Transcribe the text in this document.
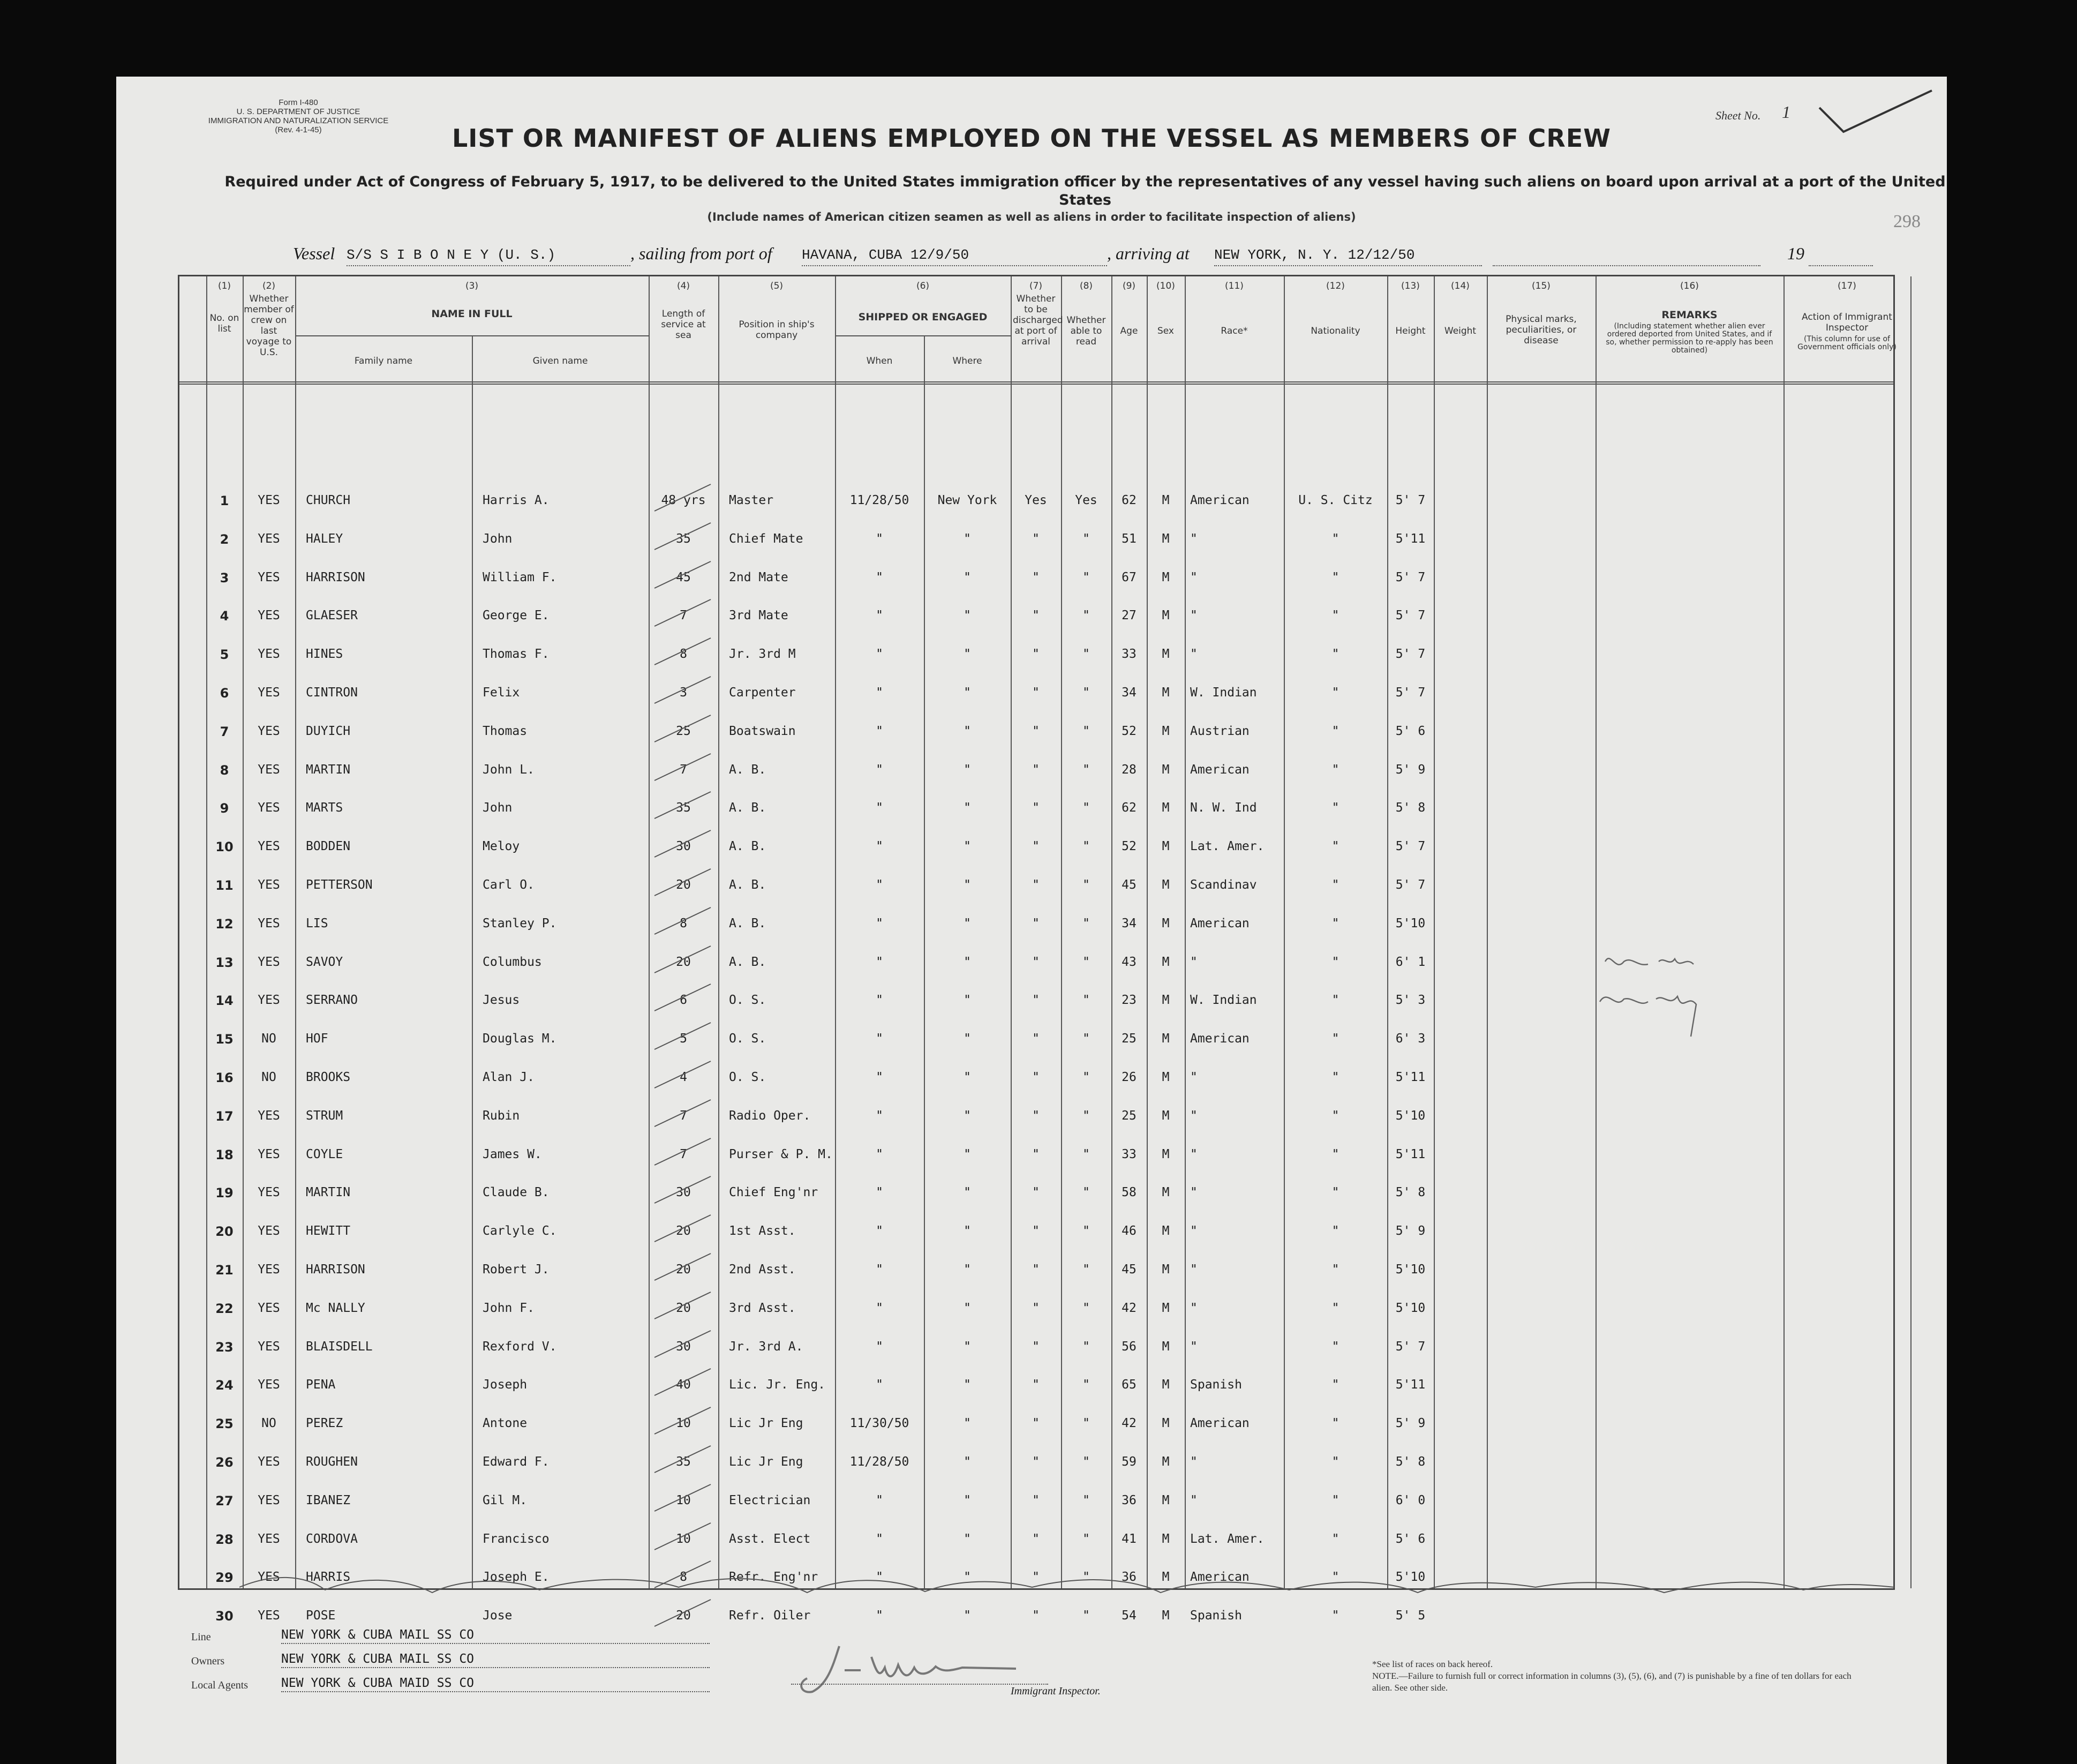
Form I-480
U. S. DEPARTMENT OF JUSTICE
IMMIGRATION AND NATURALIZATION SERVICE
(Rev. 4-1-45)
Sheet No. 1
LIST OR MANIFEST OF ALIENS EMPLOYED ON THE VESSEL AS MEMBERS OF CREW
Required under Act of Congress of February 5, 1917, to be delivered to the United States immigration officer by the representatives of any vessel having such aliens on board upon arrival at a port of the United States
(Include names of American citizen seamen as well as aliens in order to facilitate inspection of aliens)	298
Vessel S/S S I B O N E Y (U. S.)	, sailing from port of HAVANA, CUBA 12/9/50	, arriving at NEW YORK, N. Y. 12/12/50	19
(1)
No. on list
(2)
Whether member of crew on last voyage to U.S.
(3)
NAME IN FULL
Family name	Given name
(4)
Length of service at sea
(5)
Position in ship's company
(6)
SHIPPED OR ENGAGED
When	Where
(7)
Whether to be discharged at port of arrival
(8)
Whether able to read
(9)
Age
(10)
Sex
(11)
Race*
(12)
Nationality
(13)
Height
(14)
Weight
(15)
Physical marks, peculiarities, or disease
(16)
REMARKS
(Including statement whether alien ever ordered deported from United States, and if so, whether permission to re-apply has been obtained)
(17)
Action of Immigrant Inspector
(This column for use of Government officials only)
1	YES	CHURCH	Harris A.	48 yrs	Master	11/28/50	New York	Yes	Yes	62	M	American	U. S. Citz	5' 7
2	YES	HALEY	John	35	Chief Mate	"	"	"	"	51	M	"	"	5'11
3	YES	HARRISON	William F.	45	2nd Mate	"	"	"	"	67	M	"	"	5' 7
4	YES	GLAESER	George E.	7	3rd Mate	"	"	"	"	27	M	"	"	5' 7
5	YES	HINES	Thomas F.	8	Jr. 3rd M	"	"	"	"	33	M	"	"	5' 7
6	YES	CINTRON	Felix	3	Carpenter	"	"	"	"	34	M	W. Indian	"	5' 7
7	YES	DUYICH	Thomas	25	Boatswain	"	"	"	"	52	M	Austrian	"	5' 6
8	YES	MARTIN	John L.	7	A. B.	"	"	"	"	28	M	American	"	5' 9
9	YES	MARTS	John	35	A. B.	"	"	"	"	62	M	N. W. Ind	"	5' 8
10	YES	BODDEN	Meloy	30	A. B.	"	"	"	"	52	M	Lat. Amer.	"	5' 7
11	YES	PETTERSON	Carl O.	20	A. B.	"	"	"	"	45	M	Scandinav	"	5' 7
12	YES	LIS	Stanley P.	8	A. B.	"	"	"	"	34	M	American	"	5'10
13	YES	SAVOY	Columbus	20	A. B.	"	"	"	"	43	M	"	"	6' 1
14	YES	SERRANO	Jesus	6	O. S.	"	"	"	"	23	M	W. Indian	"	5' 3
15	NO	HOF	Douglas M.	5	O. S.	"	"	"	"	25	M	American	"	6' 3
16	NO	BROOKS	Alan J.	4	O. S.	"	"	"	"	26	M	"	"	5'11
17	YES	STRUM	Rubin	7	Radio Oper.	"	"	"	"	25	M	"	"	5'10
18	YES	COYLE	James W.	7	Purser & P. M.	"	"	"	"	33	M	"	"	5'11
19	YES	MARTIN	Claude B.	30	Chief Eng'nr	"	"	"	"	58	M	"	"	5' 8
20	YES	HEWITT	Carlyle C.	20	1st Asst.	"	"	"	"	46	M	"	"	5' 9
21	YES	HARRISON	Robert J.	20	2nd Asst.	"	"	"	"	45	M	"	"	5'10
22	YES	Mc NALLY	John F.	20	3rd Asst.	"	"	"	"	42	M	"	"	5'10
23	YES	BLAISDELL	Rexford V.	30	Jr. 3rd A.	"	"	"	"	56	M	"	"	5' 7
24	YES	PENA	Joseph	40	Lic. Jr. Eng.	"	"	"	"	65	M	Spanish	"	5'11
25	NO	PEREZ	Antone	10	Lic Jr Eng	11/30/50	"	"	"	42	M	American	"	5' 9
26	YES	ROUGHEN	Edward F.	35	Lic Jr Eng	11/28/50	"	"	"	59	M	"	"	5' 8
27	YES	IBANEZ	Gil M.	10	Electrician	"	"	"	"	36	M	"	"	6' 0
28	YES	CORDOVA	Francisco	10	Asst. Elect	"	"	"	"	41	M	Lat. Amer.	"	5' 6
29	YES	HARRIS	Joseph E.	8	Refr. Eng'nr	"	"	"	"	36	M	American	"	5'10
30	YES	POSE	Jose	20	Refr. Oiler	"	"	"	"	54	M	Spanish	"	5' 5
Line	NEW YORK & CUBA MAIL SS CO
Owners	NEW YORK & CUBA MAIL SS CO
Local Agents	NEW YORK & CUBA MAID SS CO
Immigrant Inspector.
*See list of races on back hereof.
NOTE.—Failure to furnish full or correct information in columns (3), (5), (6), and (7) is punishable by a fine of ten dollars for each alien. See other side.
